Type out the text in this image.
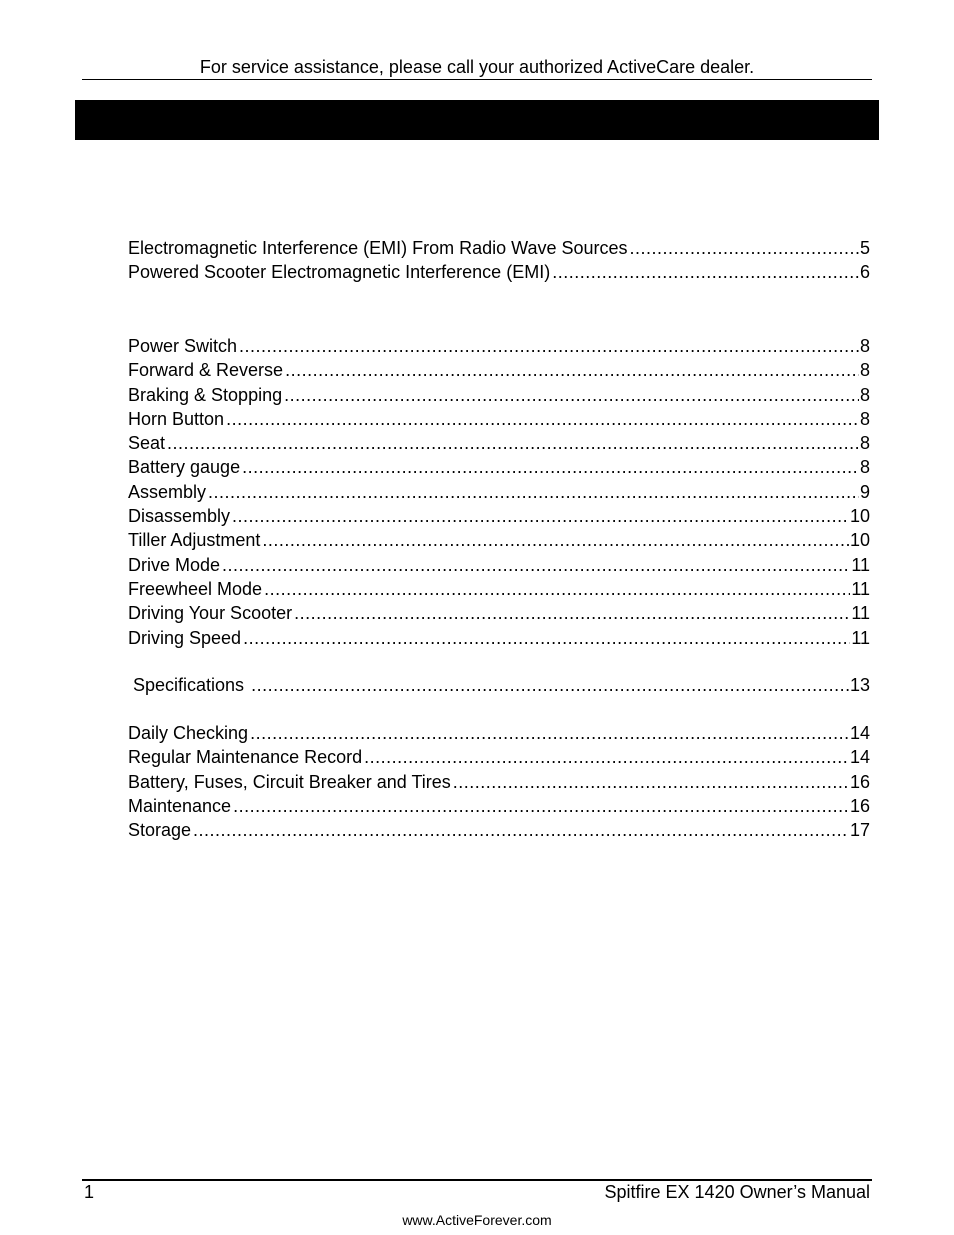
For service assistance, please call your authorized ActiveCare dealer.
Electromagnetic Interference (EMI) From Radio Wave Sources .....	5
Powered Scooter Electromagnetic Interference (EMI) .....	6
Power Switch .....	8
Forward & Reverse .....	8
Braking & Stopping .....	8
Horn Button .....	8
Seat .....	8
Battery gauge .....	8
Assembly .....	9
Disassembly .....	10
Tiller Adjustment .....	10
Drive Mode .....	11
Freewheel Mode .....	11
Driving Your Scooter .....	11
Driving Speed .....	11
Specifications .....	13
Daily Checking .....	14
Regular Maintenance Record .....	14
Battery, Fuses, Circuit Breaker and Tires .....	16
Maintenance .....	16
Storage .....	17
1	Spitfire EX 1420 Owner’s Manual
www.ActiveForever.com
